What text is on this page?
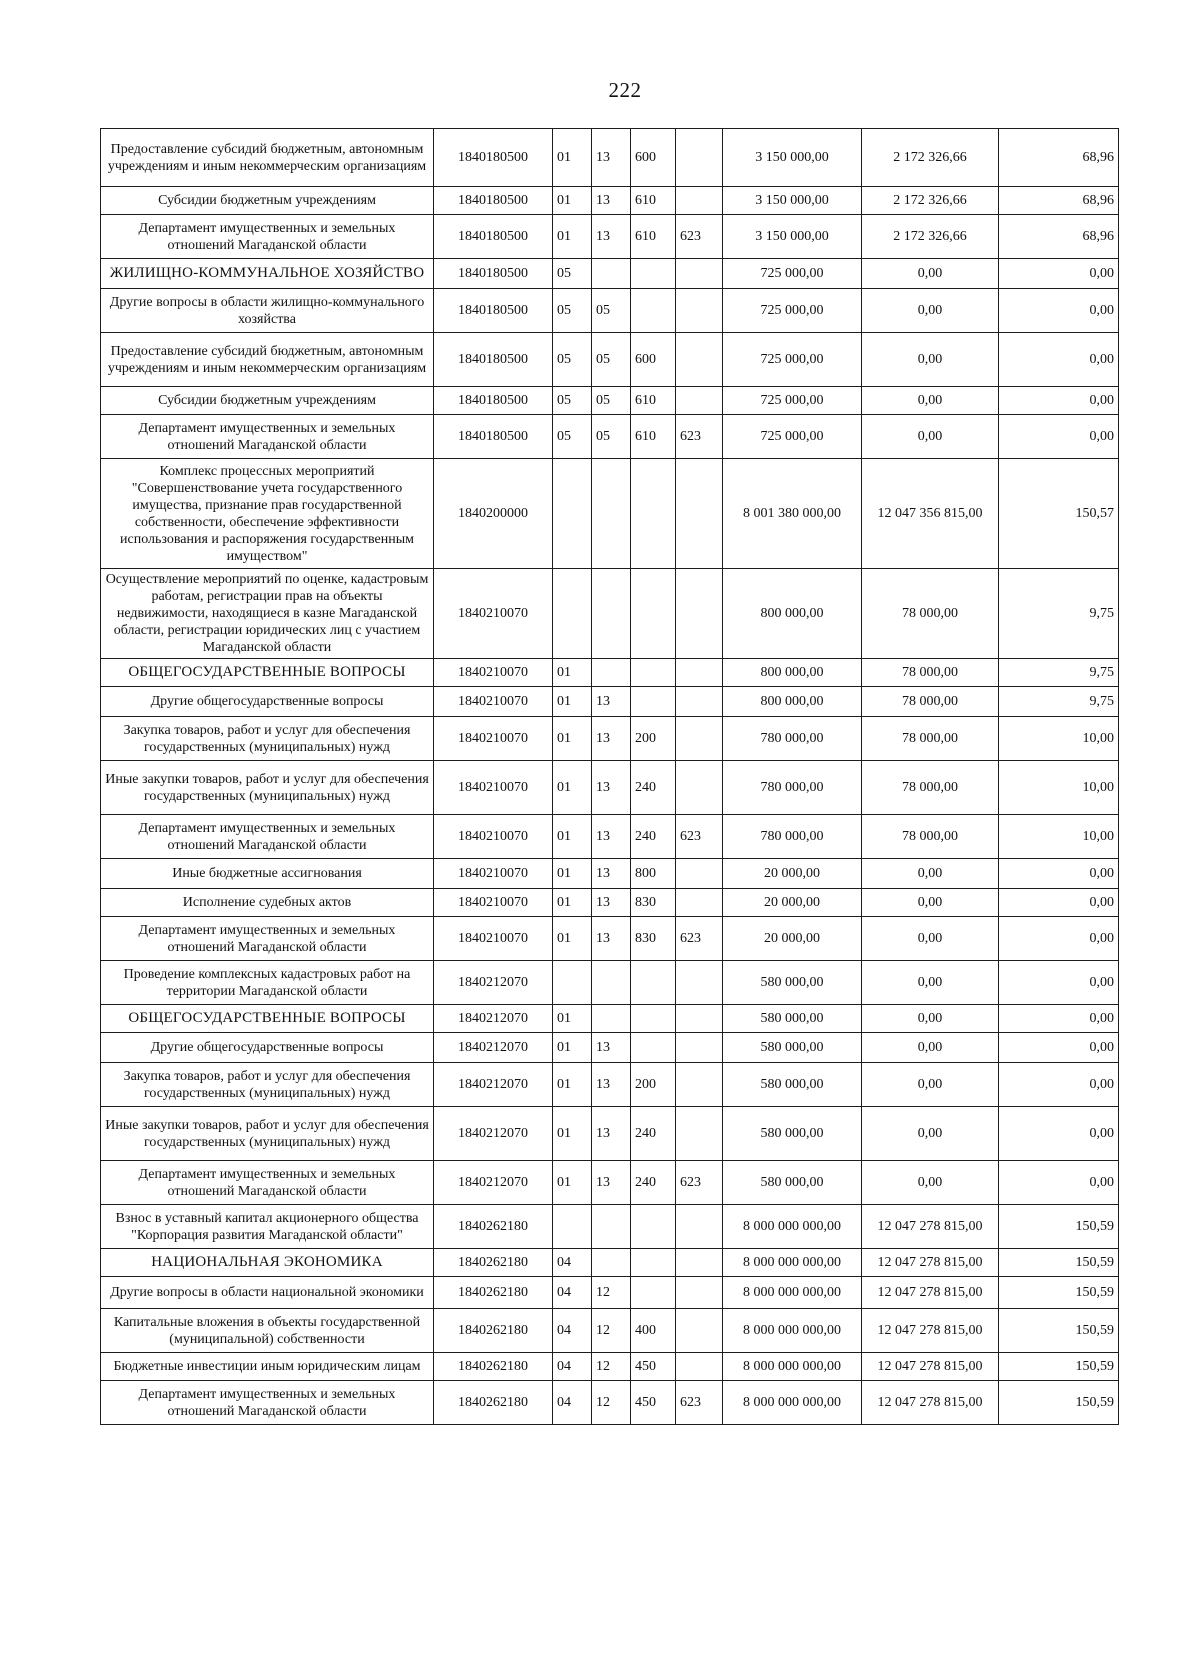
222
Предоставление субсидий бюджетным, автономным учреждениям и иным некоммерческим организациям	1840180500	01	13	600		3 150 000,00	2 172 326,66	68,96
Субсидии бюджетным учреждениям	1840180500	01	13	610		3 150 000,00	2 172 326,66	68,96
Департамент имущественных и земельных отношений Магаданской области	1840180500	01	13	610	623	3 150 000,00	2 172 326,66	68,96
ЖИЛИЩНО-КОММУНАЛЬНОЕ ХОЗЯЙСТВО	1840180500	05				725 000,00	0,00	0,00
Другие вопросы в области жилищно-коммунального хозяйства	1840180500	05	05			725 000,00	0,00	0,00
Предоставление субсидий бюджетным, автономным учреждениям и иным некоммерческим организациям	1840180500	05	05	600		725 000,00	0,00	0,00
Субсидии бюджетным учреждениям	1840180500	05	05	610		725 000,00	0,00	0,00
Департамент имущественных и земельных отношений Магаданской области	1840180500	05	05	610	623	725 000,00	0,00	0,00
Комплекс процессных мероприятий "Совершенствование учета государственного имущества, признание прав государственной собственности, обеспечение эффективности использования и распоряжения государственным имуществом"	1840200000					8 001 380 000,00	12 047 356 815,00	150,57
Осуществление мероприятий по оценке, кадастровым работам, регистрации прав на объекты недвижимости, находящиеся в казне Магаданской области, регистрации юридических лиц с участием Магаданской области	1840210070					800 000,00	78 000,00	9,75
ОБЩЕГОСУДАРСТВЕННЫЕ ВОПРОСЫ	1840210070	01				800 000,00	78 000,00	9,75
Другие общегосударственные вопросы	1840210070	01	13			800 000,00	78 000,00	9,75
Закупка товаров, работ и услуг для обеспечения государственных (муниципальных) нужд	1840210070	01	13	200		780 000,00	78 000,00	10,00
Иные закупки товаров, работ и услуг для обеспечения государственных (муниципальных) нужд	1840210070	01	13	240		780 000,00	78 000,00	10,00
Департамент имущественных и земельных отношений Магаданской области	1840210070	01	13	240	623	780 000,00	78 000,00	10,00
Иные бюджетные ассигнования	1840210070	01	13	800		20 000,00	0,00	0,00
Исполнение судебных актов	1840210070	01	13	830		20 000,00	0,00	0,00
Департамент имущественных и земельных отношений Магаданской области	1840210070	01	13	830	623	20 000,00	0,00	0,00
Проведение комплексных кадастровых работ на территории Магаданской области	1840212070					580 000,00	0,00	0,00
ОБЩЕГОСУДАРСТВЕННЫЕ ВОПРОСЫ	1840212070	01				580 000,00	0,00	0,00
Другие общегосударственные вопросы	1840212070	01	13			580 000,00	0,00	0,00
Закупка товаров, работ и услуг для обеспечения государственных (муниципальных) нужд	1840212070	01	13	200		580 000,00	0,00	0,00
Иные закупки товаров, работ и услуг для обеспечения государственных (муниципальных) нужд	1840212070	01	13	240		580 000,00	0,00	0,00
Департамент имущественных и земельных отношений Магаданской области	1840212070	01	13	240	623	580 000,00	0,00	0,00
Взнос в уставный капитал акционерного общества "Корпорация развития Магаданской области"	1840262180					8 000 000 000,00	12 047 278 815,00	150,59
НАЦИОНАЛЬНАЯ ЭКОНОМИКА	1840262180	04				8 000 000 000,00	12 047 278 815,00	150,59
Другие вопросы в области национальной экономики	1840262180	04	12			8 000 000 000,00	12 047 278 815,00	150,59
Капитальные вложения в объекты государственной (муниципальной) собственности	1840262180	04	12	400		8 000 000 000,00	12 047 278 815,00	150,59
Бюджетные инвестиции иным юридическим лицам	1840262180	04	12	450		8 000 000 000,00	12 047 278 815,00	150,59
Департамент имущественных и земельных отношений Магаданской области	1840262180	04	12	450	623	8 000 000 000,00	12 047 278 815,00	150,59
